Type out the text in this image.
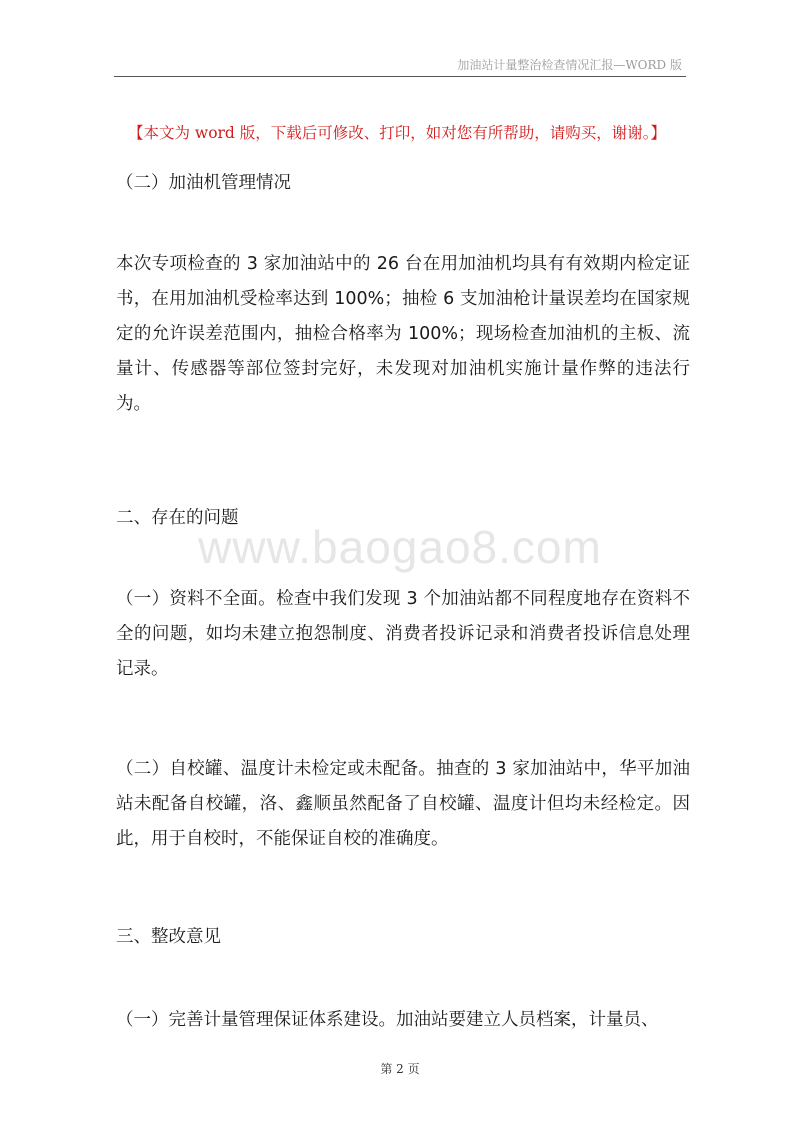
加油站计量整治检查情况汇报—WORD 版
【本文为 word 版，下载后可修改、打印，如对您有所帮助，请购买，谢谢。】

（二）加油机管理情况

本次专项检查的 3 家加油站中的 26 台在用加油机均具有有效期内检定证书，在用加油机受检率达到 100%；抽检 6 支加油枪计量误差均在国家规定的允许误差范围内，抽检合格率为 100%；现场检查加油机的主板、流量计、传感器等部位签封完好，未发现对加油机实施计量作弊的违法行为。

二、存在的问题

www.baogao8.com

（一）资料不全面。检查中我们发现 3 个加油站都不同程度地存在资料不全的问题，如均未建立抱怨制度、消费者投诉记录和消费者投诉信息处理记录。

（二）自校罐、温度计未检定或未配备。抽查的 3 家加油站中，华平加油站未配备自校罐，洛、鑫顺虽然配备了自校罐、温度计但均未经检定。因此，用于自校时，不能保证自校的准确度。

三、整改意见

（一）完善计量管理保证体系建设。加油站要建立人员档案，计量员、

第 2 页
